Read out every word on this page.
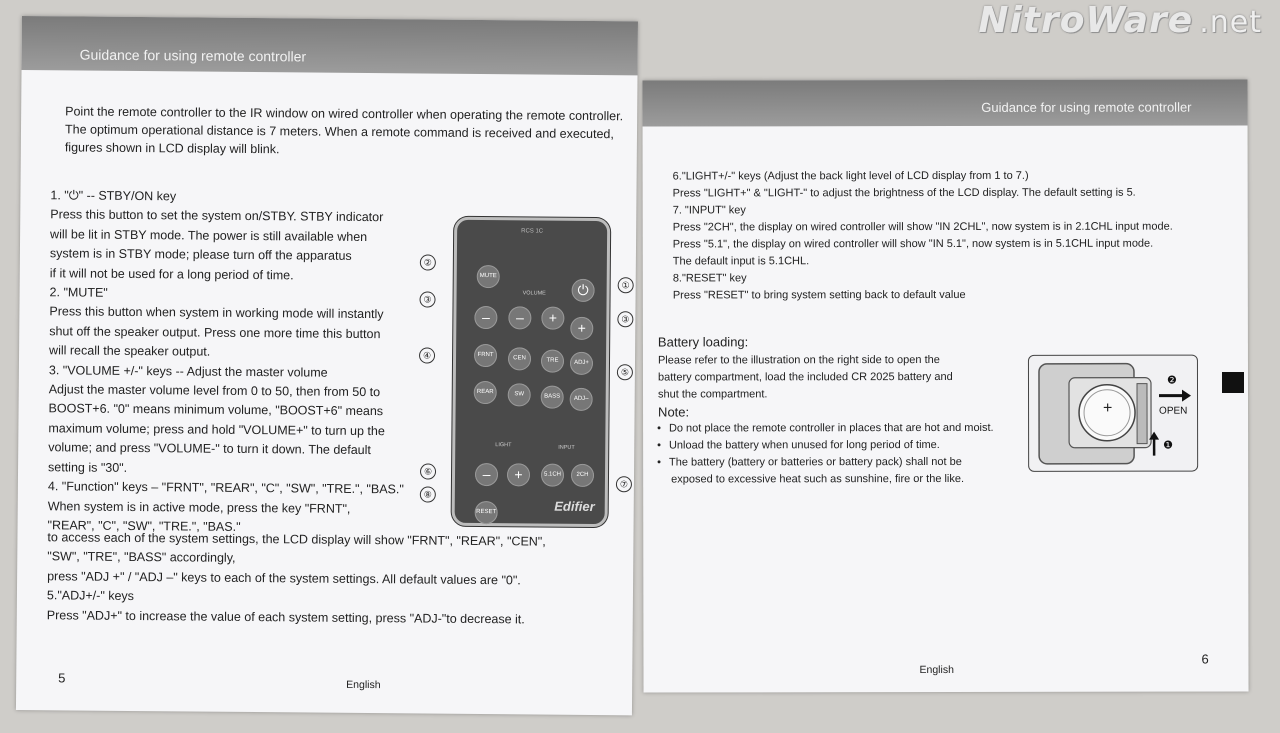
NitroWare .net
Guidance for using remote controller
Point the remote controller to the IR window on wired controller when operating the remote controller.
The optimum operational distance is 7 meters. When a remote command is received and executed,
figures shown in LCD display will blink.
1. "⏻" -- STBY/ON key
Press this button to set the system on/STBY. STBY indicator
will be lit in STBY mode. The power is still available when
system is in STBY mode; please turn off the apparatus
if it will not be used for a long period of time.
2. "MUTE"
Press this button when system in working mode will instantly
shut off the speaker output. Press one more time this button
will recall the speaker output.
3. "VOLUME +/-" keys -- Adjust the master volume
Adjust the master volume level from 0 to 50, then from 50 to
BOOST+6. "0" means minimum volume, "BOOST+6" means
maximum volume; press and hold "VOLUME+" to turn up the
volume; and press "VOLUME-" to turn it down. The default
setting is "30".
4. "Function" keys – "FRNT", "REAR", "C", "SW", "TRE.", "BAS."
When system is in active mode, press the key "FRNT",
"REAR", "C", "SW", "TRE.", "BAS."
to access each of the system settings, the LCD display will show "FRNT", "REAR", "CEN",
"SW", "TRE", "BASS" accordingly,
press "ADJ +" / "ADJ –" keys to each of the system settings. All default values are "0".
5."ADJ+/-" keys
Press "ADJ+" to increase the value of each system setting, press "ADJ-"to decrease it.
RCS 1C
MUTE
⏻
VOLUME
–	–	+
+
FRNT
CEN	TRE	ADJ+
REAR	SW	BASS	ADJ–
LIGHT	INPUT
–	+	5.1CH	2CH
RESET	Edifier
①
②
③
③
④
⑤
⑥
⑦
⑧
5	English
Guidance for using remote controller
6."LIGHT+/-" keys (Adjust the back light level of LCD display from 1 to 7.)
Press "LIGHT+" & "LIGHT-" to adjust the brightness of the LCD display. The default setting is 5.
7. "INPUT" key
Press "2CH", the display on wired controller will show "IN 2CHL", now system is in 2.1CHL input mode.
Press "5.1", the display on wired controller will show "IN 5.1", now system is in 5.1CHL input mode.
The default input is 5.1CHL.
8."RESET" key
Press "RESET" to bring system setting back to default value
Battery loading:
Please refer to the illustration on the right side to open the
battery compartment, load the included CR 2025 battery and
shut the compartment.
Note:
• Do not place the remote controller in places that are hot and moist.
• Unload the battery when unused for long period of time.
• The battery (battery or batteries or battery pack) shall not be
exposed to excessive heat such as sunshine, fire or the like.
+
❷
OPEN
❶
6
English
